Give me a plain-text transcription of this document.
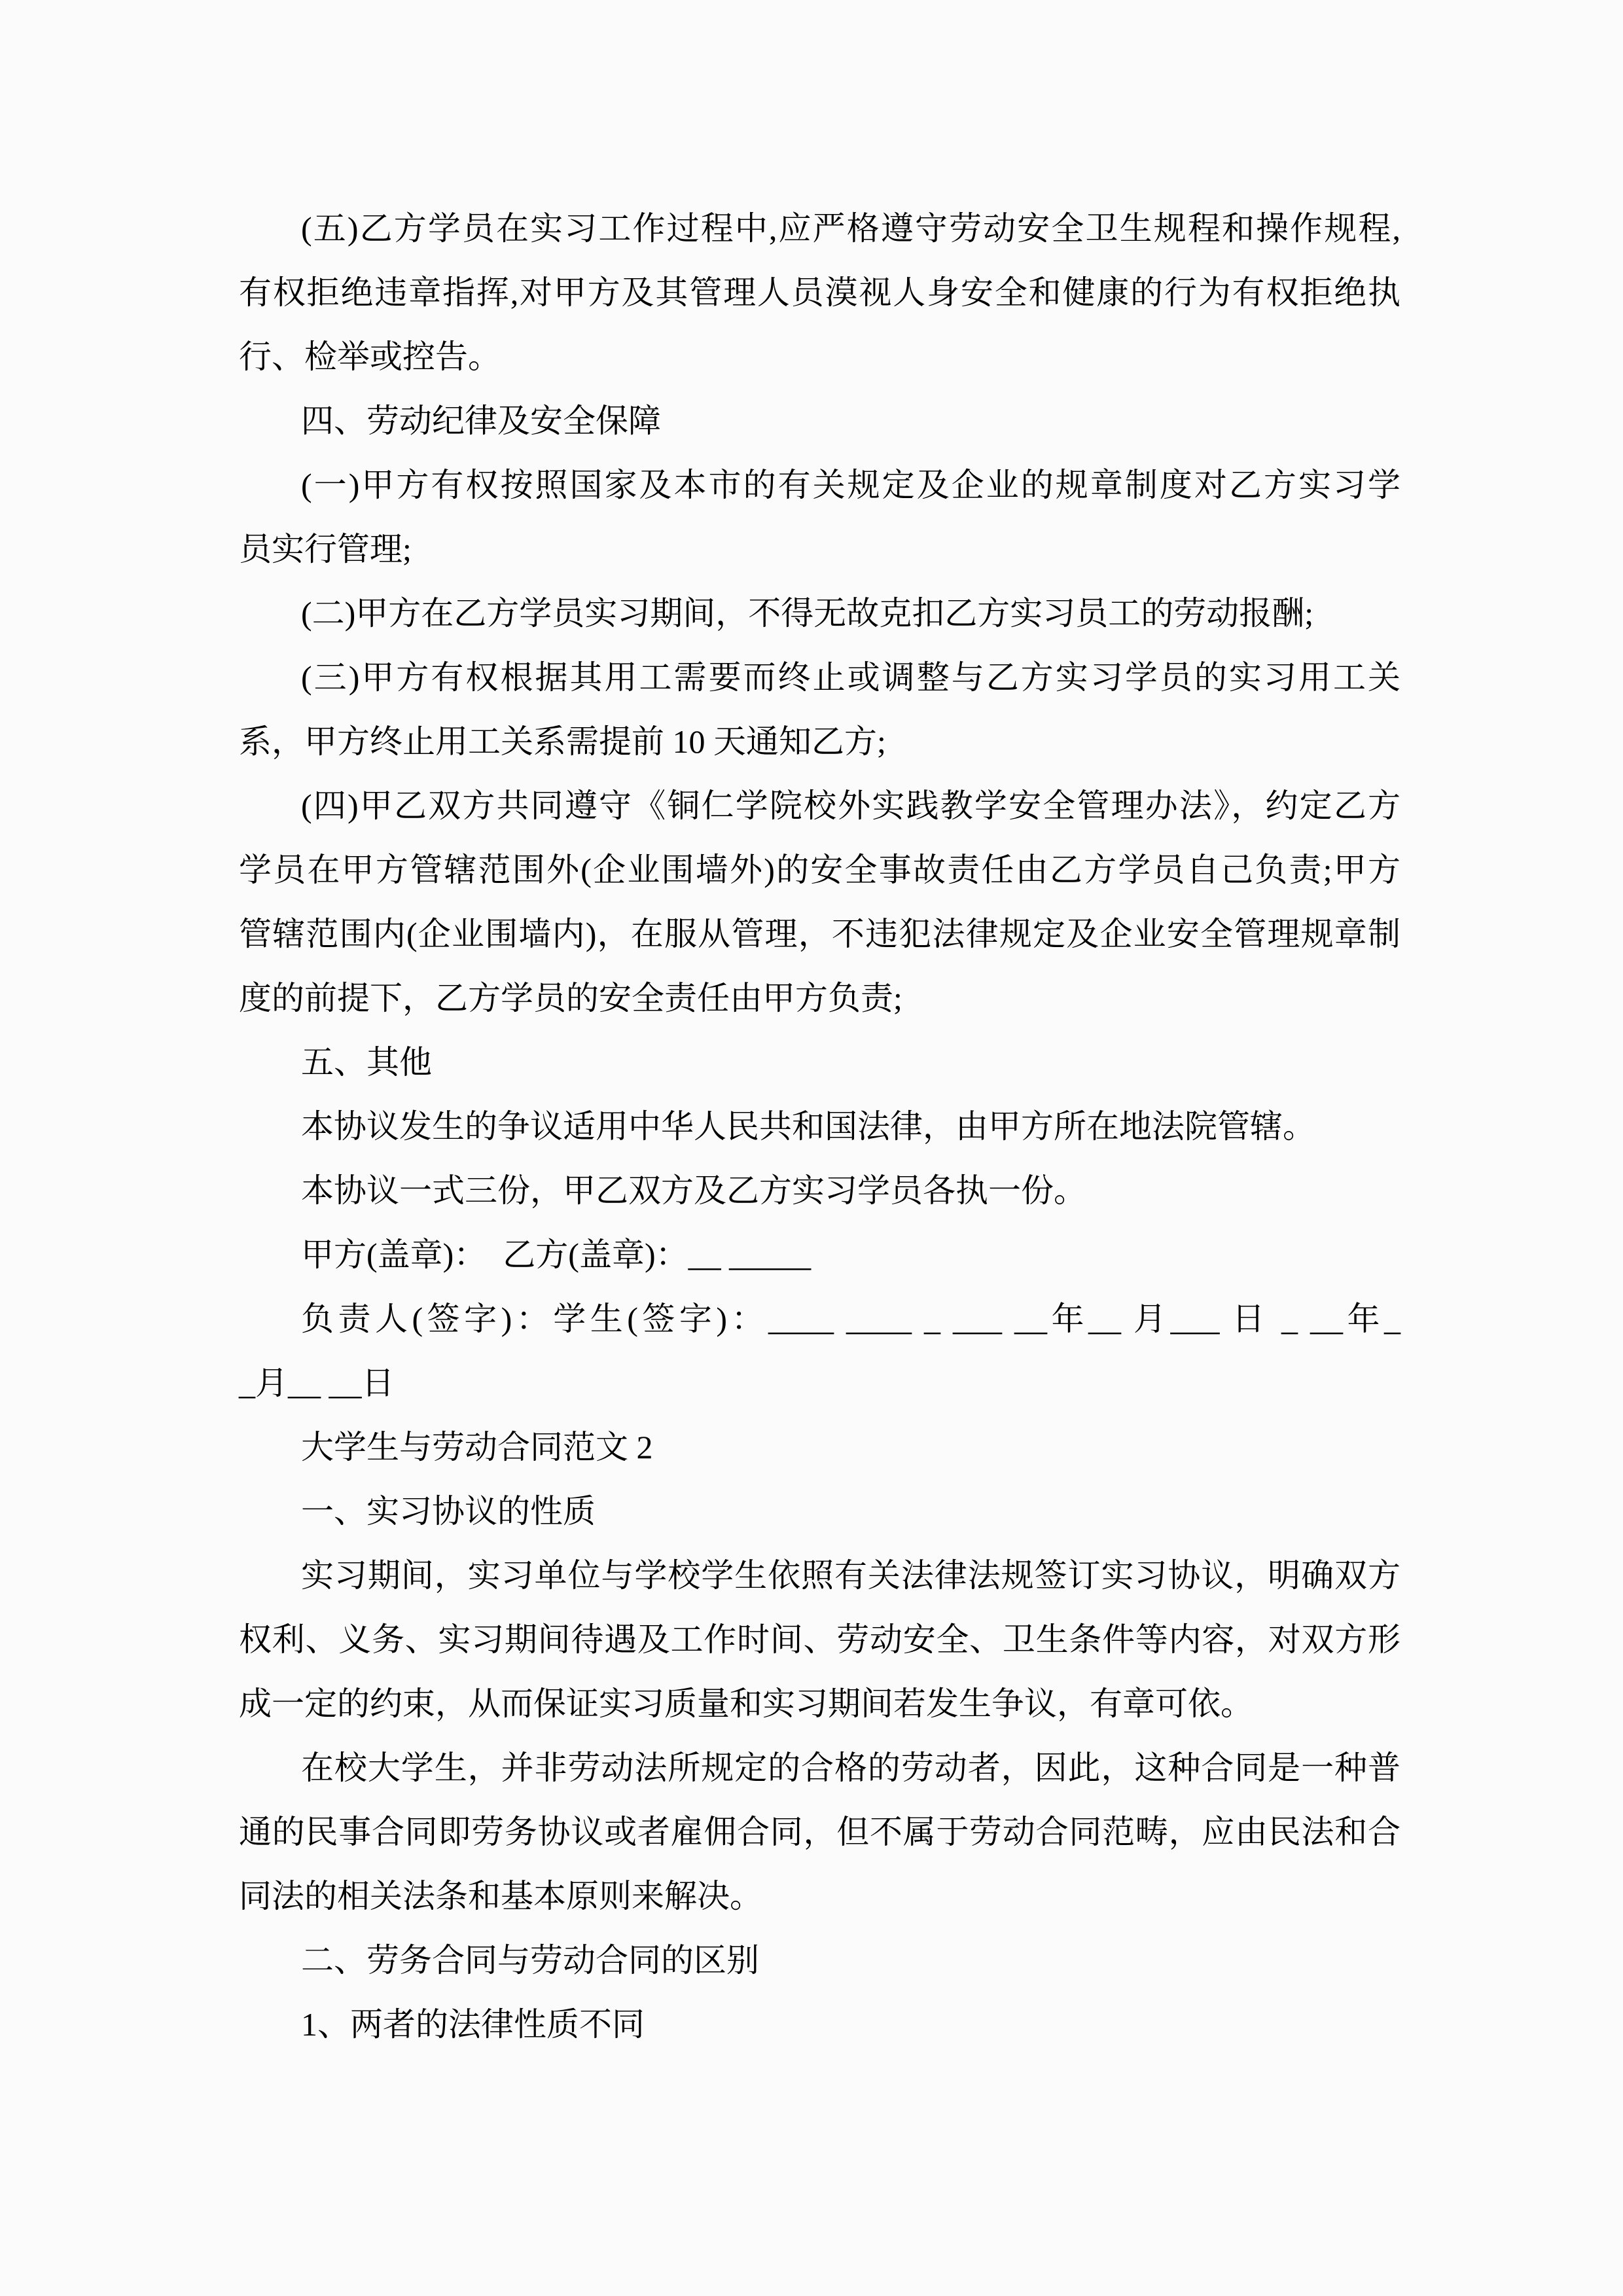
(五)乙方学员在实习工作过程中,应严格遵守劳动安全卫生规程和操作规程,
有权拒绝违章指挥,对甲方及其管理人员漠视人身安全和健康的行为有权拒绝执
行、检举或控告。
四、劳动纪律及安全保障
(一)甲方有权按照国家及本市的有关规定及企业的规章制度对乙方实习学
员实行管理;
(二)甲方在乙方学员实习期间，不得无故克扣乙方实习员工的劳动报酬;
(三)甲方有权根据其用工需要而终止或调整与乙方实习学员的实习用工关
系，甲方终止用工关系需提前 10 天通知乙方;
(四)甲乙双方共同遵守《铜仁学院校外实践教学安全管理办法》，约定乙方
学员在甲方管辖范围外(企业围墙外)的安全事故责任由乙方学员自己负责;甲方
管辖范围内(企业围墙内)，在服从管理，不违犯法律规定及企业安全管理规章制
度的前提下，乙方学员的安全责任由甲方负责;
五、其他
本协议发生的争议适用中华人民共和国法律，由甲方所在地法院管辖。
本协议一式三份，甲乙双方及乙方实习学员各执一份。
甲方(盖章)：　乙方(盖章)：__ _____
负责人(签字)：学生(签字)：____ ____ _ ___ __年__ 月___ 日 _ __年_
_月__ __日
大学生与劳动合同范文 2
一、实习协议的性质
实习期间，实习单位与学校学生依照有关法律法规签订实习协议，明确双方
权利、义务、实习期间待遇及工作时间、劳动安全、卫生条件等内容，对双方形
成一定的约束，从而保证实习质量和实习期间若发生争议，有章可依。
在校大学生，并非劳动法所规定的合格的劳动者，因此，这种合同是一种普
通的民事合同即劳务协议或者雇佣合同，但不属于劳动合同范畴，应由民法和合
同法的相关法条和基本原则来解决。
二、劳务合同与劳动合同的区别
1、两者的法律性质不同
